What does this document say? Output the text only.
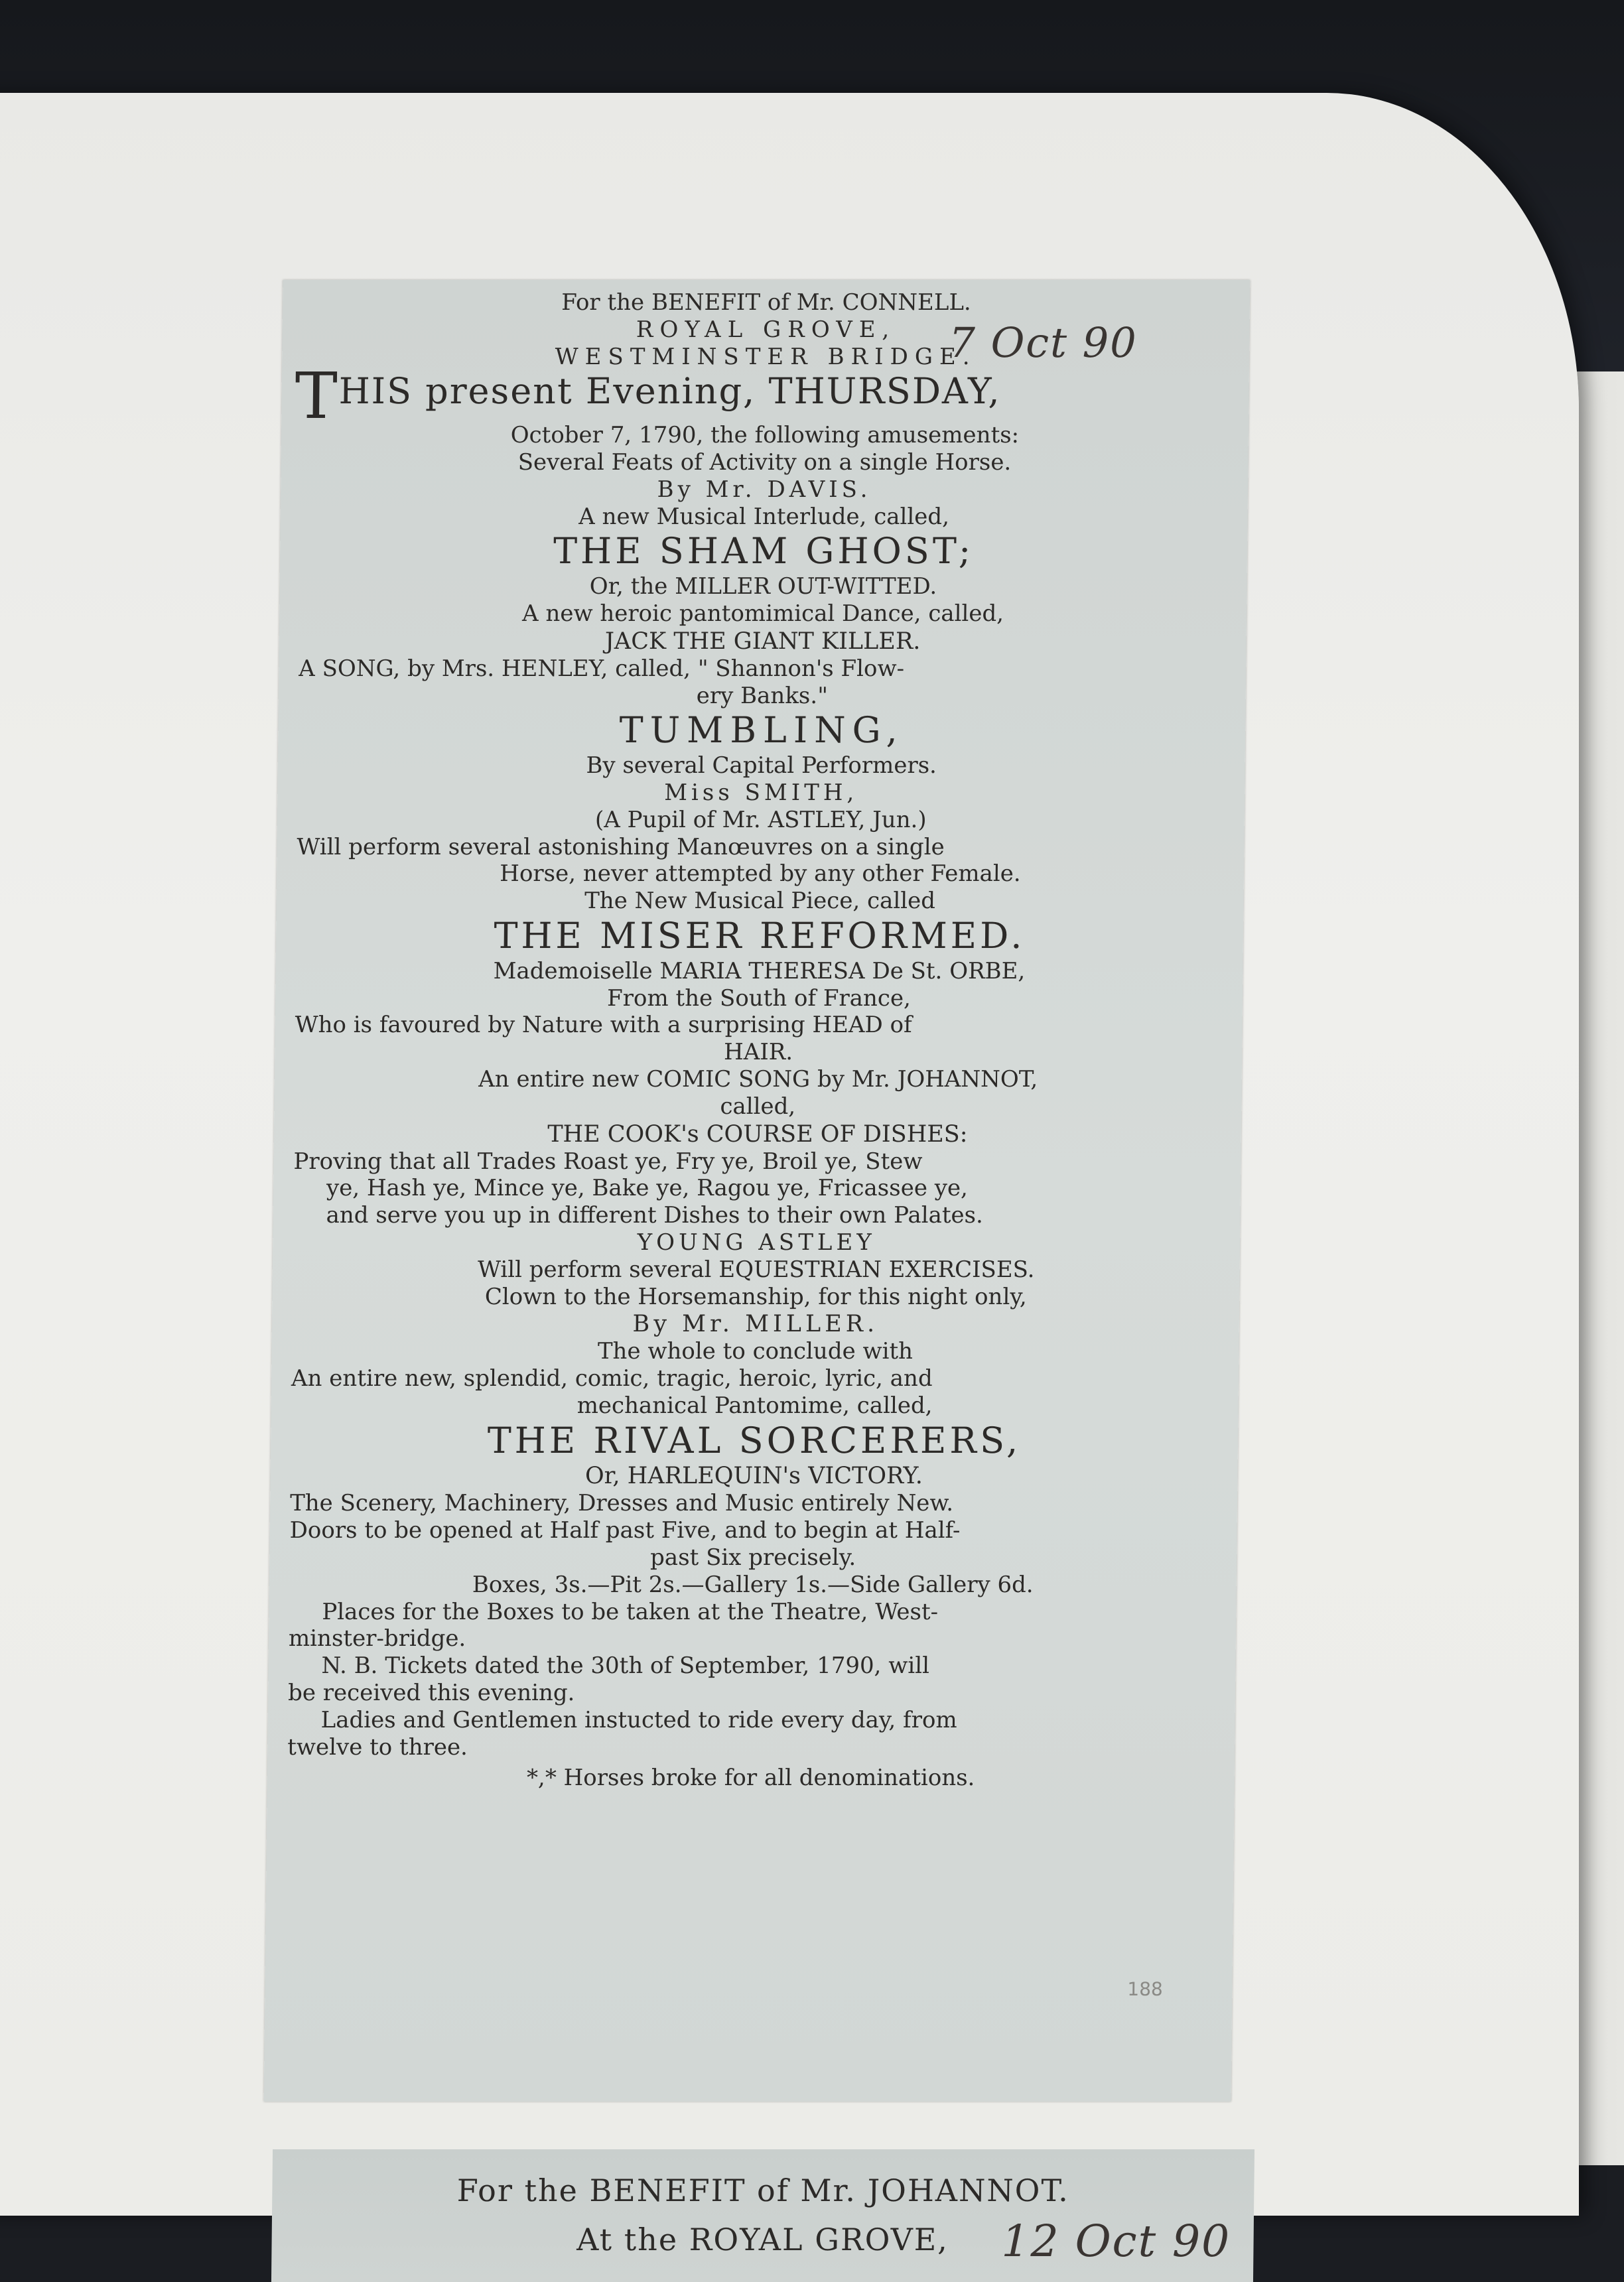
For the BENEFIT of Mr. CONNELL.
ROYAL GROVE,
WESTMINSTER BRIDGE.
THIS present Evening, THURSDAY,
October 7, 1790, the following amusements:
Several Feats of Activity on a single Horse.
By Mr. DAVIS.
A new Musical Interlude, called,
THE SHAM GHOST;
Or, the MILLER OUT-WITTED.
A new heroic pantomimical Dance, called,
JACK THE GIANT KILLER.
A SONG, by Mrs. HENLEY, called, " Shannon's Flow-
ery Banks."
TUMBLING,
By several Capital Performers.
Miss SMITH,
(A Pupil of Mr. ASTLEY, Jun.)
Will perform several astonishing Manœuvres on a single
Horse, never attempted by any other Female.
The New Musical Piece, called
THE MISER REFORMED.
Mademoiselle MARIA THERESA De St. ORBE,
From the South of France,
Who is favoured by Nature with a surprising HEAD of
HAIR.
An entire new COMIC SONG by Mr. JOHANNOT,
called,
THE COOK's COURSE OF DISHES:
Proving that all Trades Roast ye, Fry ye, Broil ye, Stew
ye, Hash ye, Mince ye, Bake ye, Ragou ye, Fricassee ye,
and serve you up in different Dishes to their own Palates.
YOUNG ASTLEY
Will perform several EQUESTRIAN EXERCISES.
Clown to the Horsemanship, for this night only,
By Mr. MILLER.
The whole to conclude with
An entire new, splendid, comic, tragic, heroic, lyric, and
mechanical Pantomime, called,
THE RIVAL SORCERERS,
Or, HARLEQUIN's VICTORY.
The Scenery, Machinery, Dresses and Music entirely New.
Doors to be opened at Half past Five, and to begin at Half-
past Six precisely.
Boxes, 3s.—Pit 2s.—Gallery 1s.—Side Gallery 6d.
Places for the Boxes to be taken at the Theatre, West-
minster-bridge.
N. B. Tickets dated the 30th of September, 1790, will
be received this evening.
Ladies and Gentlemen instucted to ride every day, from
twelve to three.
*,* Horses broke for all denominations.
7 Oct 90
188
For the BENEFIT of Mr. JOHANNOT.
At the ROYAL GROVE,	12 Oct 90
